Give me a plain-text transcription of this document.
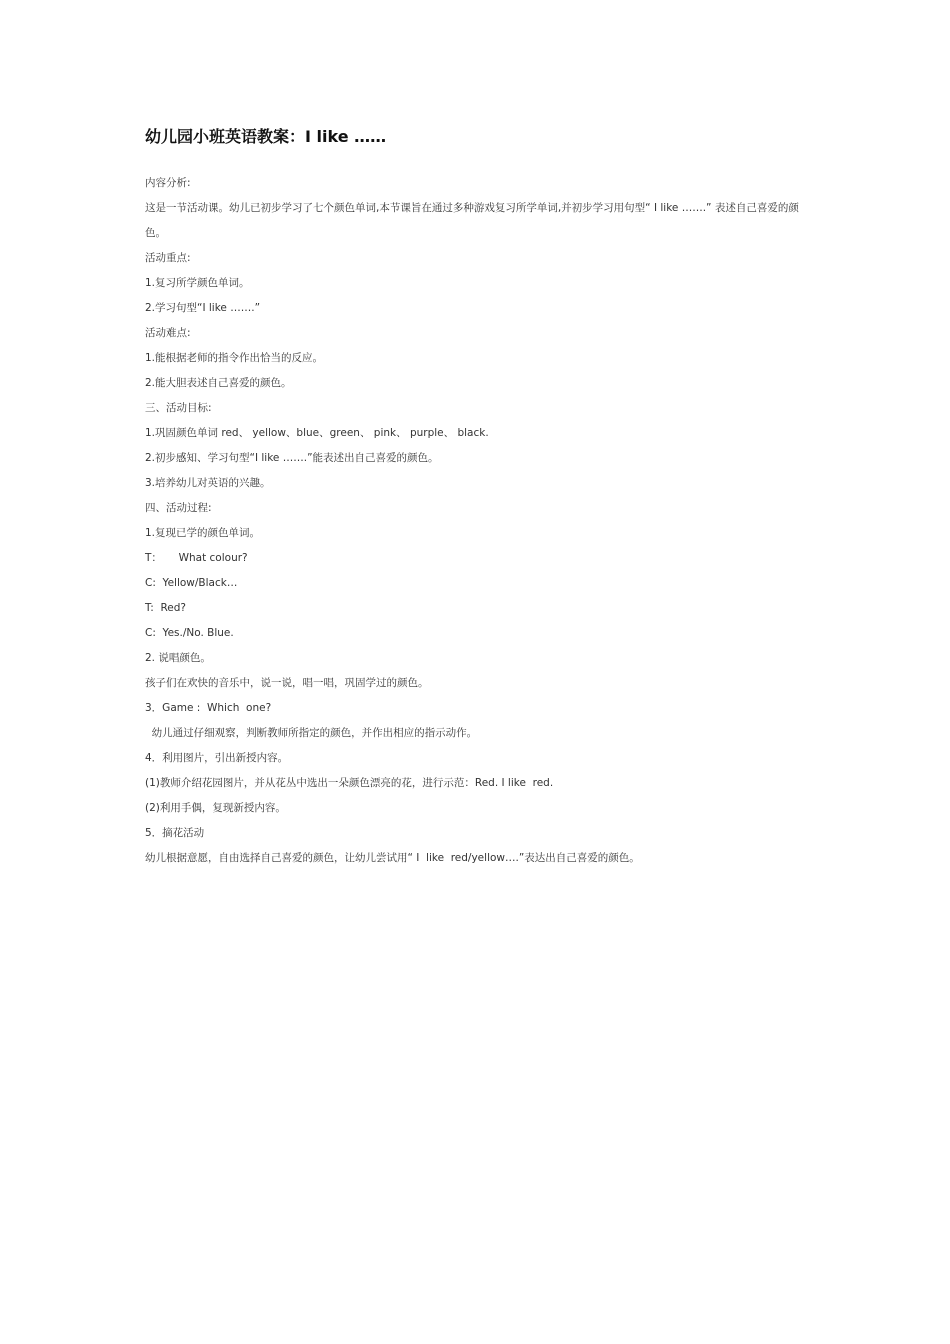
幼儿园小班英语教案：I like ……

内容分析:

这是一节活动课。幼儿已初步学习了七个颜色单词,本节课旨在通过多种游戏复习所学单词,并初步学习用句型“ I like …….” 表述自己喜爱的颜色。

活动重点:

1.复习所学颜色单词。

2.学习句型“I like …….”

活动难点:

1.能根据老师的指令作出恰当的反应。

2.能大胆表述自己喜爱的颜色。

三、活动目标:

1.巩固颜色单词 red、 yellow、blue、green、 pink、 purple、 black.

2.初步感知、学习句型“I like …….”能表述出自己喜爱的颜色。

3.培养幼儿对英语的兴趣。

四、活动过程:

1.复现已学的颜色单词。

T：     What colour?

C:  Yellow/Black…

T:  Red?

C:  Yes./No. Blue.

2. 说唱颜色。

孩子们在欢快的音乐中，说一说，唱一唱，巩固学过的颜色。

3．Game :  Which  one?

幼儿通过仔细观察，判断教师所指定的颜色，并作出相应的指示动作。

4．利用图片，引出新授内容。

(1)教师介绍花园图片，并从花丛中选出一朵颜色漂亮的花，进行示范：Red. I like  red.

(2)利用手偶，复现新授内容。

5．摘花活动

幼儿根据意愿，自由选择自己喜爱的颜色，让幼儿尝试用“ I  like  red/yellow….”表达出自己喜爱的颜色。
